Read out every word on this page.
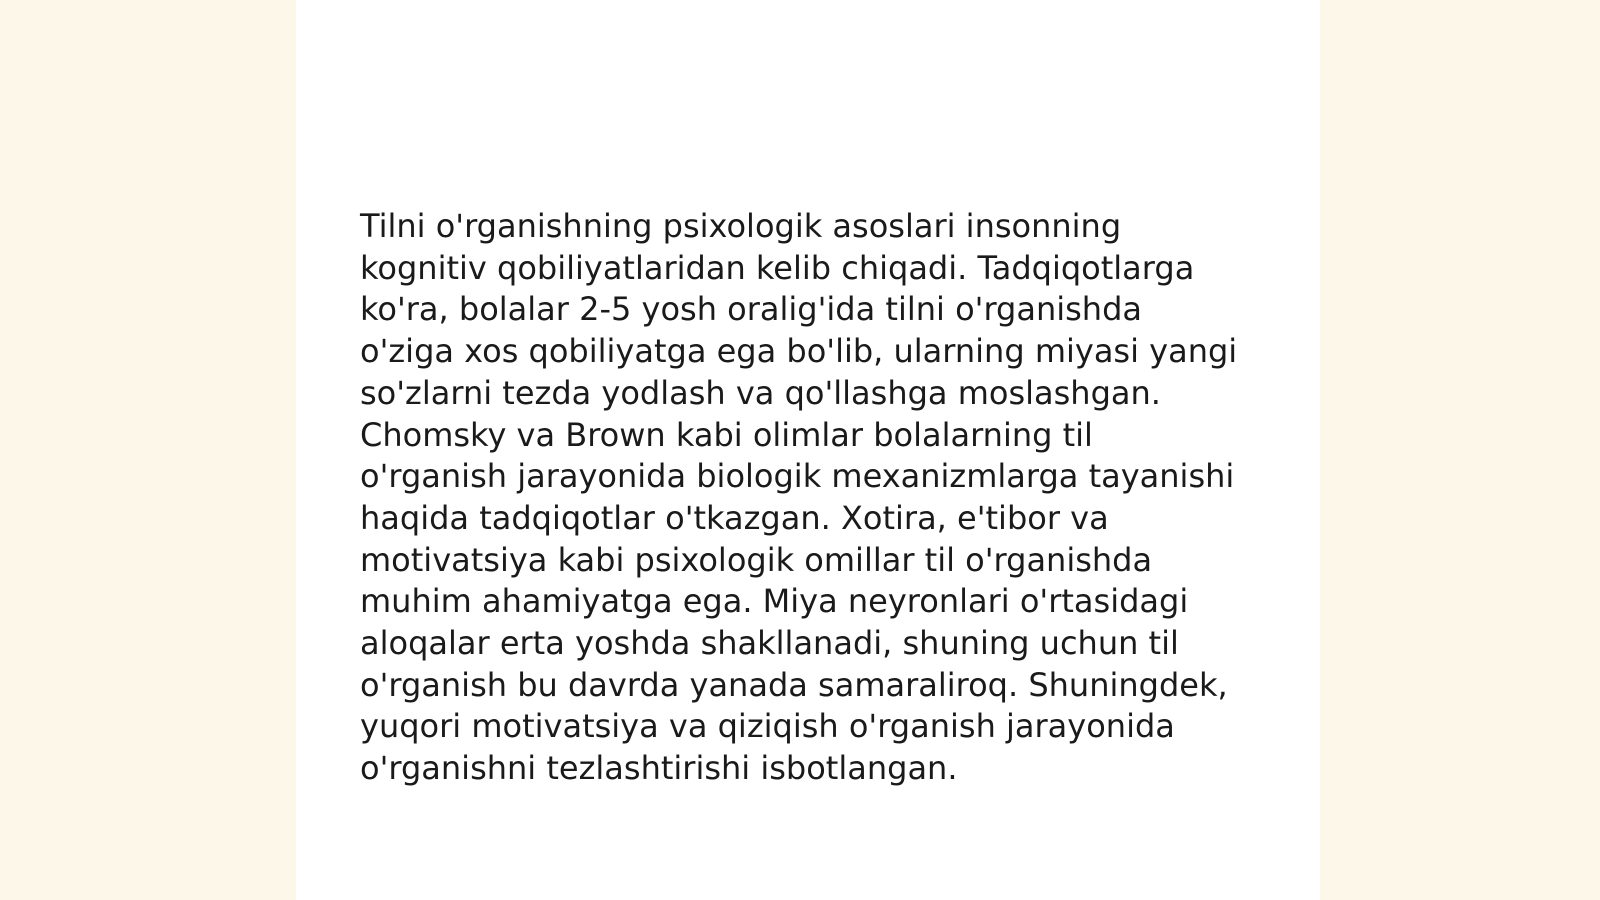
Tilni o'rganishning psixologik asoslari insonning kognitiv qobiliyatlaridan kelib chiqadi. Tadqiqotlarga ko'ra, bolalar 2-5 yosh oralig'ida tilni o'rganishda o'ziga xos qobiliyatga ega bo'lib, ularning miyasi yangi so'zlarni tezda yodlash va qo'llashga moslashgan. Chomsky va Brown kabi olimlar bolalarning til o'rganish jarayonida biologik mexanizmlarga tayanishi haqida tadqiqotlar o'tkazgan. Xotira, e'tibor va motivatsiya kabi psixologik omillar til o'rganishda muhim ahamiyatga ega. Miya neyronlari o'rtasidagi aloqalar erta yoshda shakllanadi, shuning uchun til o'rganish bu davrda yanada samaraliroq. Shuningdek, yuqori motivatsiya va qiziqish o'rganish jarayonida o'rganishni tezlashtirishi isbotlangan.
